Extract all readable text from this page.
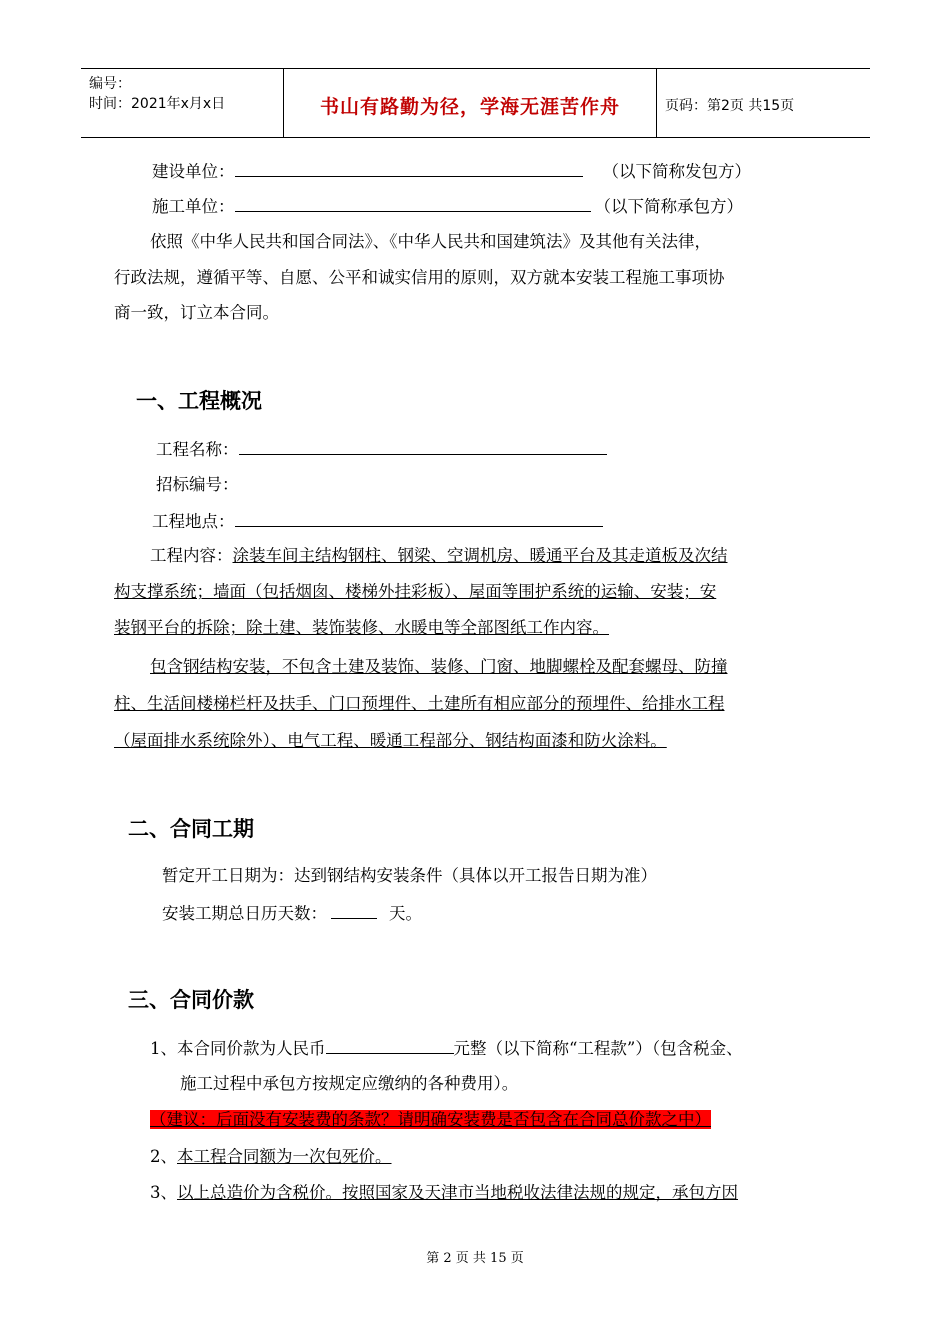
编号：
时间：2021年x月x日	书山有路勤为径，学海无涯苦作舟	页码：第2页 共15页
建设单位：	（以下简称发包方）
施工单位：	（以下简称承包方）
依照《中华人民共和国合同法》、《中华人民共和国建筑法》及其他有关法律，
行政法规，遵循平等、自愿、公平和诚实信用的原则，双方就本安装工程施工事项协
商一致，订立本合同。
一、工程概况
工程名称：
招标编号：
工程地点：
工程内容：涂装车间主结构钢柱、钢梁、空调机房、暖通平台及其走道板及次结
构支撑系统；墙面（包括烟囱、楼梯外挂彩板）、屋面等围护系统的运输、安装；安
装钢平台的拆除；除土建、装饰装修、水暖电等全部图纸工作内容。
包含钢结构安装，不包含土建及装饰、装修、门窗、地脚螺栓及配套螺母、防撞
柱、生活间楼梯栏杆及扶手、门口预埋件、土建所有相应部分的预埋件、给排水工程
（屋面排水系统除外）、电气工程、暖通工程部分、钢结构面漆和防火涂料。
二、合同工期
暂定开工日期为：达到钢结构安装条件（具体以开工报告日期为准）
安装工期总日历天数：	天。
三、合同价款
1、本合同价款为人民币	元整（以下简称“工程款”）（包含税金、
施工过程中承包方按规定应缴纳的各种费用）。
（建议：后面没有安装费的条款？请明确安装费是否包含在合同总价款之中）
2、本工程合同额为一次包死价。
3、以上总造价为含税价。按照国家及天津市当地税收法律法规的规定，承包方因
第 2 页 共 15 页
